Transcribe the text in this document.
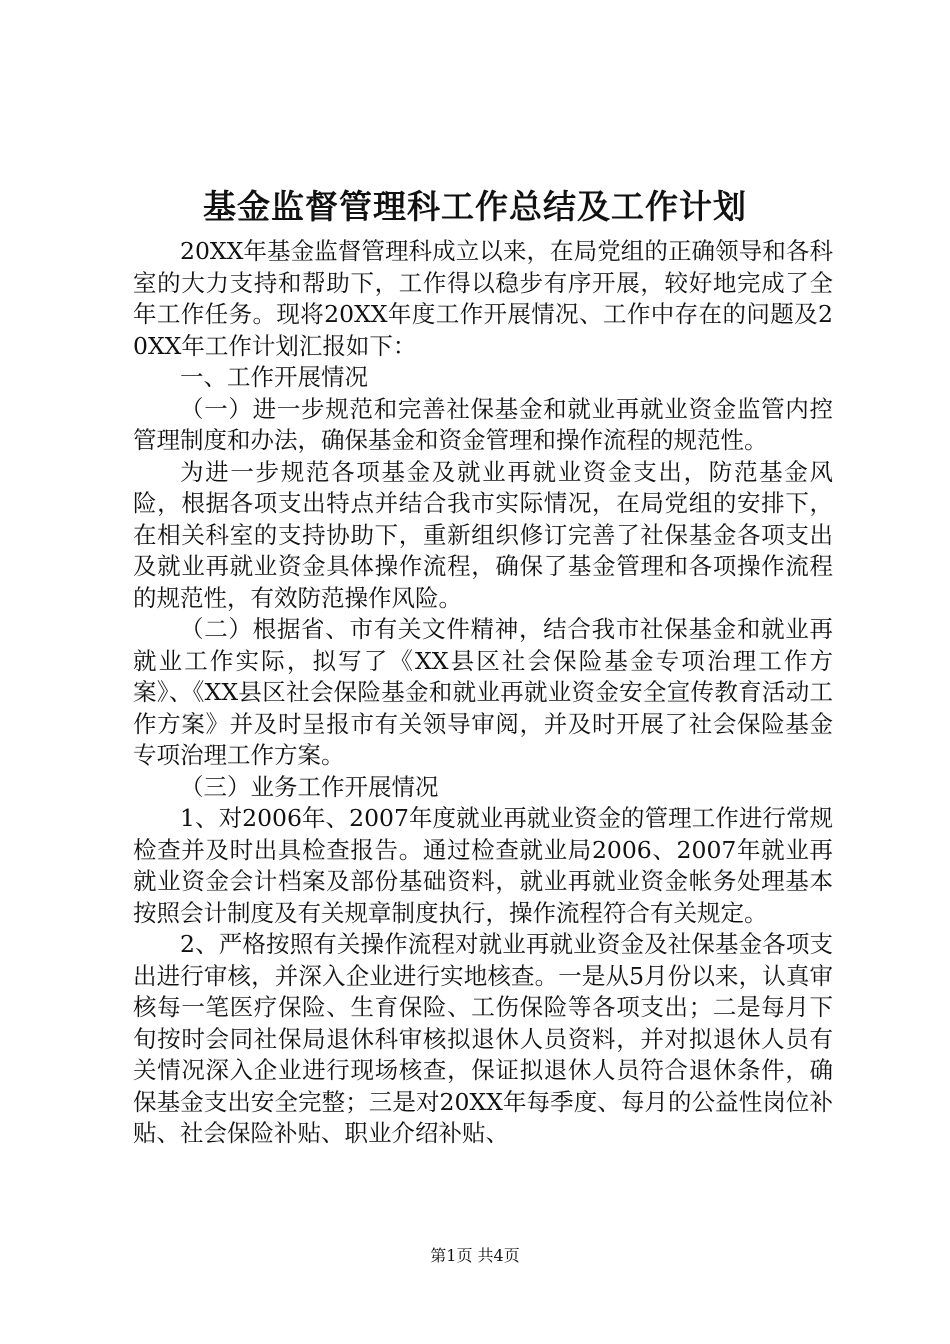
基金监督管理科工作总结及工作计划

20XX年基金监督管理科成立以来，在局党组的正确领导和各科室的大力支持和帮助下，工作得以稳步有序开展，较好地完成了全年工作任务。现将20XX年度工作开展情况、工作中存在的问题及20XX年工作计划汇报如下：

一、工作开展情况

（一）进一步规范和完善社保基金和就业再就业资金监管内控管理制度和办法，确保基金和资金管理和操作流程的规范性。

为进一步规范各项基金及就业再就业资金支出，防范基金风险，根据各项支出特点并结合我市实际情况，在局党组的安排下，在相关科室的支持协助下，重新组织修订完善了社保基金各项支出及就业再就业资金具体操作流程，确保了基金管理和各项操作流程的规范性，有效防范操作风险。

（二）根据省、市有关文件精神，结合我市社保基金和就业再就业工作实际，拟写了《XX县区社会保险基金专项治理工作方案》、《XX县区社会保险基金和就业再就业资金安全宣传教育活动工作方案》并及时呈报市有关领导审阅，并及时开展了社会保险基金专项治理工作方案。

（三）业务工作开展情况

1、对2006年、2007年度就业再就业资金的管理工作进行常规检查并及时出具检查报告。通过检查就业局2006、2007年就业再就业资金会计档案及部份基础资料，就业再就业资金帐务处理基本按照会计制度及有关规章制度执行，操作流程符合有关规定。

2、严格按照有关操作流程对就业再就业资金及社保基金各项支出进行审核，并深入企业进行实地核查。一是从5月份以来，认真审核每一笔医疗保险、生育保险、工伤保险等各项支出；二是每月下旬按时会同社保局退休科审核拟退休人员资料，并对拟退休人员有关情况深入企业进行现场核查，保证拟退休人员符合退休条件，确保基金支出安全完整；三是对20XX年每季度、每月的公益性岗位补贴、社会保险补贴、职业介绍补贴、

第1页 共4页
